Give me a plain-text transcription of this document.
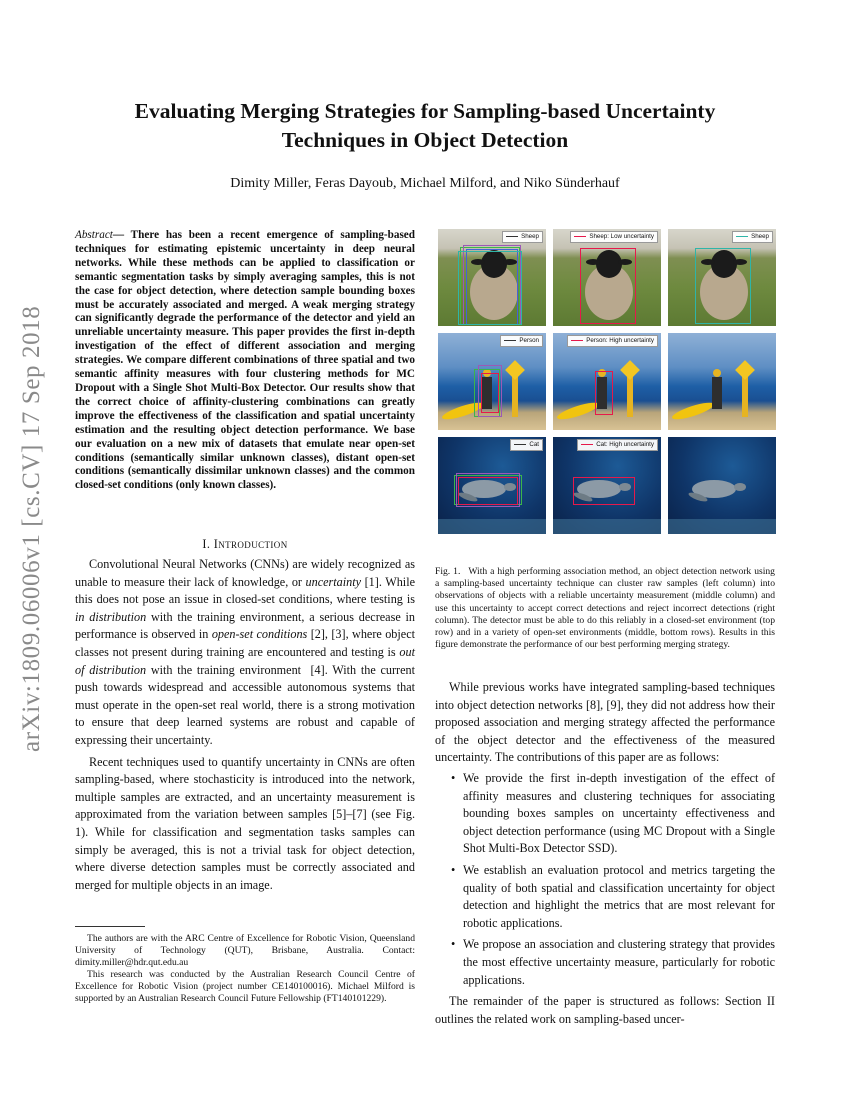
arXiv:1809.06006v1 [cs.CV] 17 Sep 2018
Evaluating Merging Strategies for Sampling-based Uncertainty
Techniques in Object Detection
Dimity Miller, Feras Dayoub, Michael Milford, and Niko Sünderhauf
Abstract— There has been a recent emergence of sampling-based techniques for estimating epistemic uncertainty in deep neural networks. While these methods can be applied to classification or semantic segmentation tasks by simply averaging samples, this is not the case for object detection, where detection sample bounding boxes must be accurately associated and merged. A weak merging strategy can significantly degrade the performance of the detector and yield an unreliable uncertainty measure. This paper provides the first in-depth investigation of the effect of different association and merging strategies. We compare different combinations of three spatial and two semantic affinity measures with four clustering methods for MC Dropout with a Single Shot Multi-Box Detector. Our results show that the correct choice of affinity-clustering combinations can greatly improve the effectiveness of the classification and spatial uncertainty estimation and the resulting object detection performance. We base our evaluation on a new mix of datasets that emulate near open-set conditions (semantically similar unknown classes), distant open-set conditions (semantically dissimilar unknown classes) and the common closed-set conditions (only known classes).
I. Introduction

Convolutional Neural Networks (CNNs) are widely recognized as unable to measure their lack of knowledge, or uncertainty [1]. While this does not pose an issue in closed-set conditions, where testing is in distribution with the training environment, a serious decrease in performance is observed in open-set conditions [2], [3], where object classes not present during training are encountered and testing is out of distribution with the training environment  [4]. With the current push towards widespread and accessible autonomous systems that must operate in the open-set real world, there is a strong motivation to ensure that deep learned systems are robust and capable of expressing their uncertainty.

Recent techniques used to quantify uncertainty in CNNs are often sampling-based, where stochasticity is introduced into the network, multiple samples are extracted, and an uncertainty measurement is approximated from the variation between samples [5]–[7] (see Fig. 1). While for classification and segmentation tasks samples can simply be averaged, this is not a trivial task for object detection, where diverse detection samples must be correctly associated and merged for multiple objects in an image.

The authors are with the ARC Centre of Excellence for Robotic Vision, Queensland University of Technology (QUT), Brisbane, Australia. Contact: dimity.miller@hdr.qut.edu.au

This research was conducted by the Australian Research Council Centre of Excellence for Robotic Vision (project number CE140100016). Michael Milford is supported by an Australian Research Council Future Fellowship (FT140101229).

Sheep	Sheep: Low uncertainty	Sheep
Person	Person: High uncertainty
Cat	Cat: High uncertainty
Fig. 1. With a high performing association method, an object detection network using a sampling-based uncertainty technique can cluster raw samples (left column) into observations of objects with a reliable uncertainty measurement (middle column) and use this uncertainty to accept correct detections and reject incorrect detections (right column). The detector must be able to do this reliably in a closed-set environment (top row) and in a variety of open-set environments (middle, bottom rows). Results in this figure demonstrate the performance of our best performing merging strategy.

While previous works have integrated sampling-based techniques into object detection networks [8], [9], they did not address how their proposed association and merging strategy affected the performance of the object detector and the effectiveness of the measured uncertainty. The contributions of this paper are as follows:

• We provide the first in-depth investigation of the effect of affinity measures and clustering techniques for associating bounding boxes samples on uncertainty effectiveness and object detection performance (using MC Dropout with a Single Shot Multi-Box Detector SSD).
• We establish an evaluation protocol and metrics targeting the quality of both spatial and classification uncertainty for object detection and highlight the metrics that are most relevant for robotic applications.
• We propose an association and clustering strategy that provides the most effective uncertainty measure, particularly for robotic applications.

The remainder of the paper is structured as follows: Section II outlines the related work on sampling-based uncer-
